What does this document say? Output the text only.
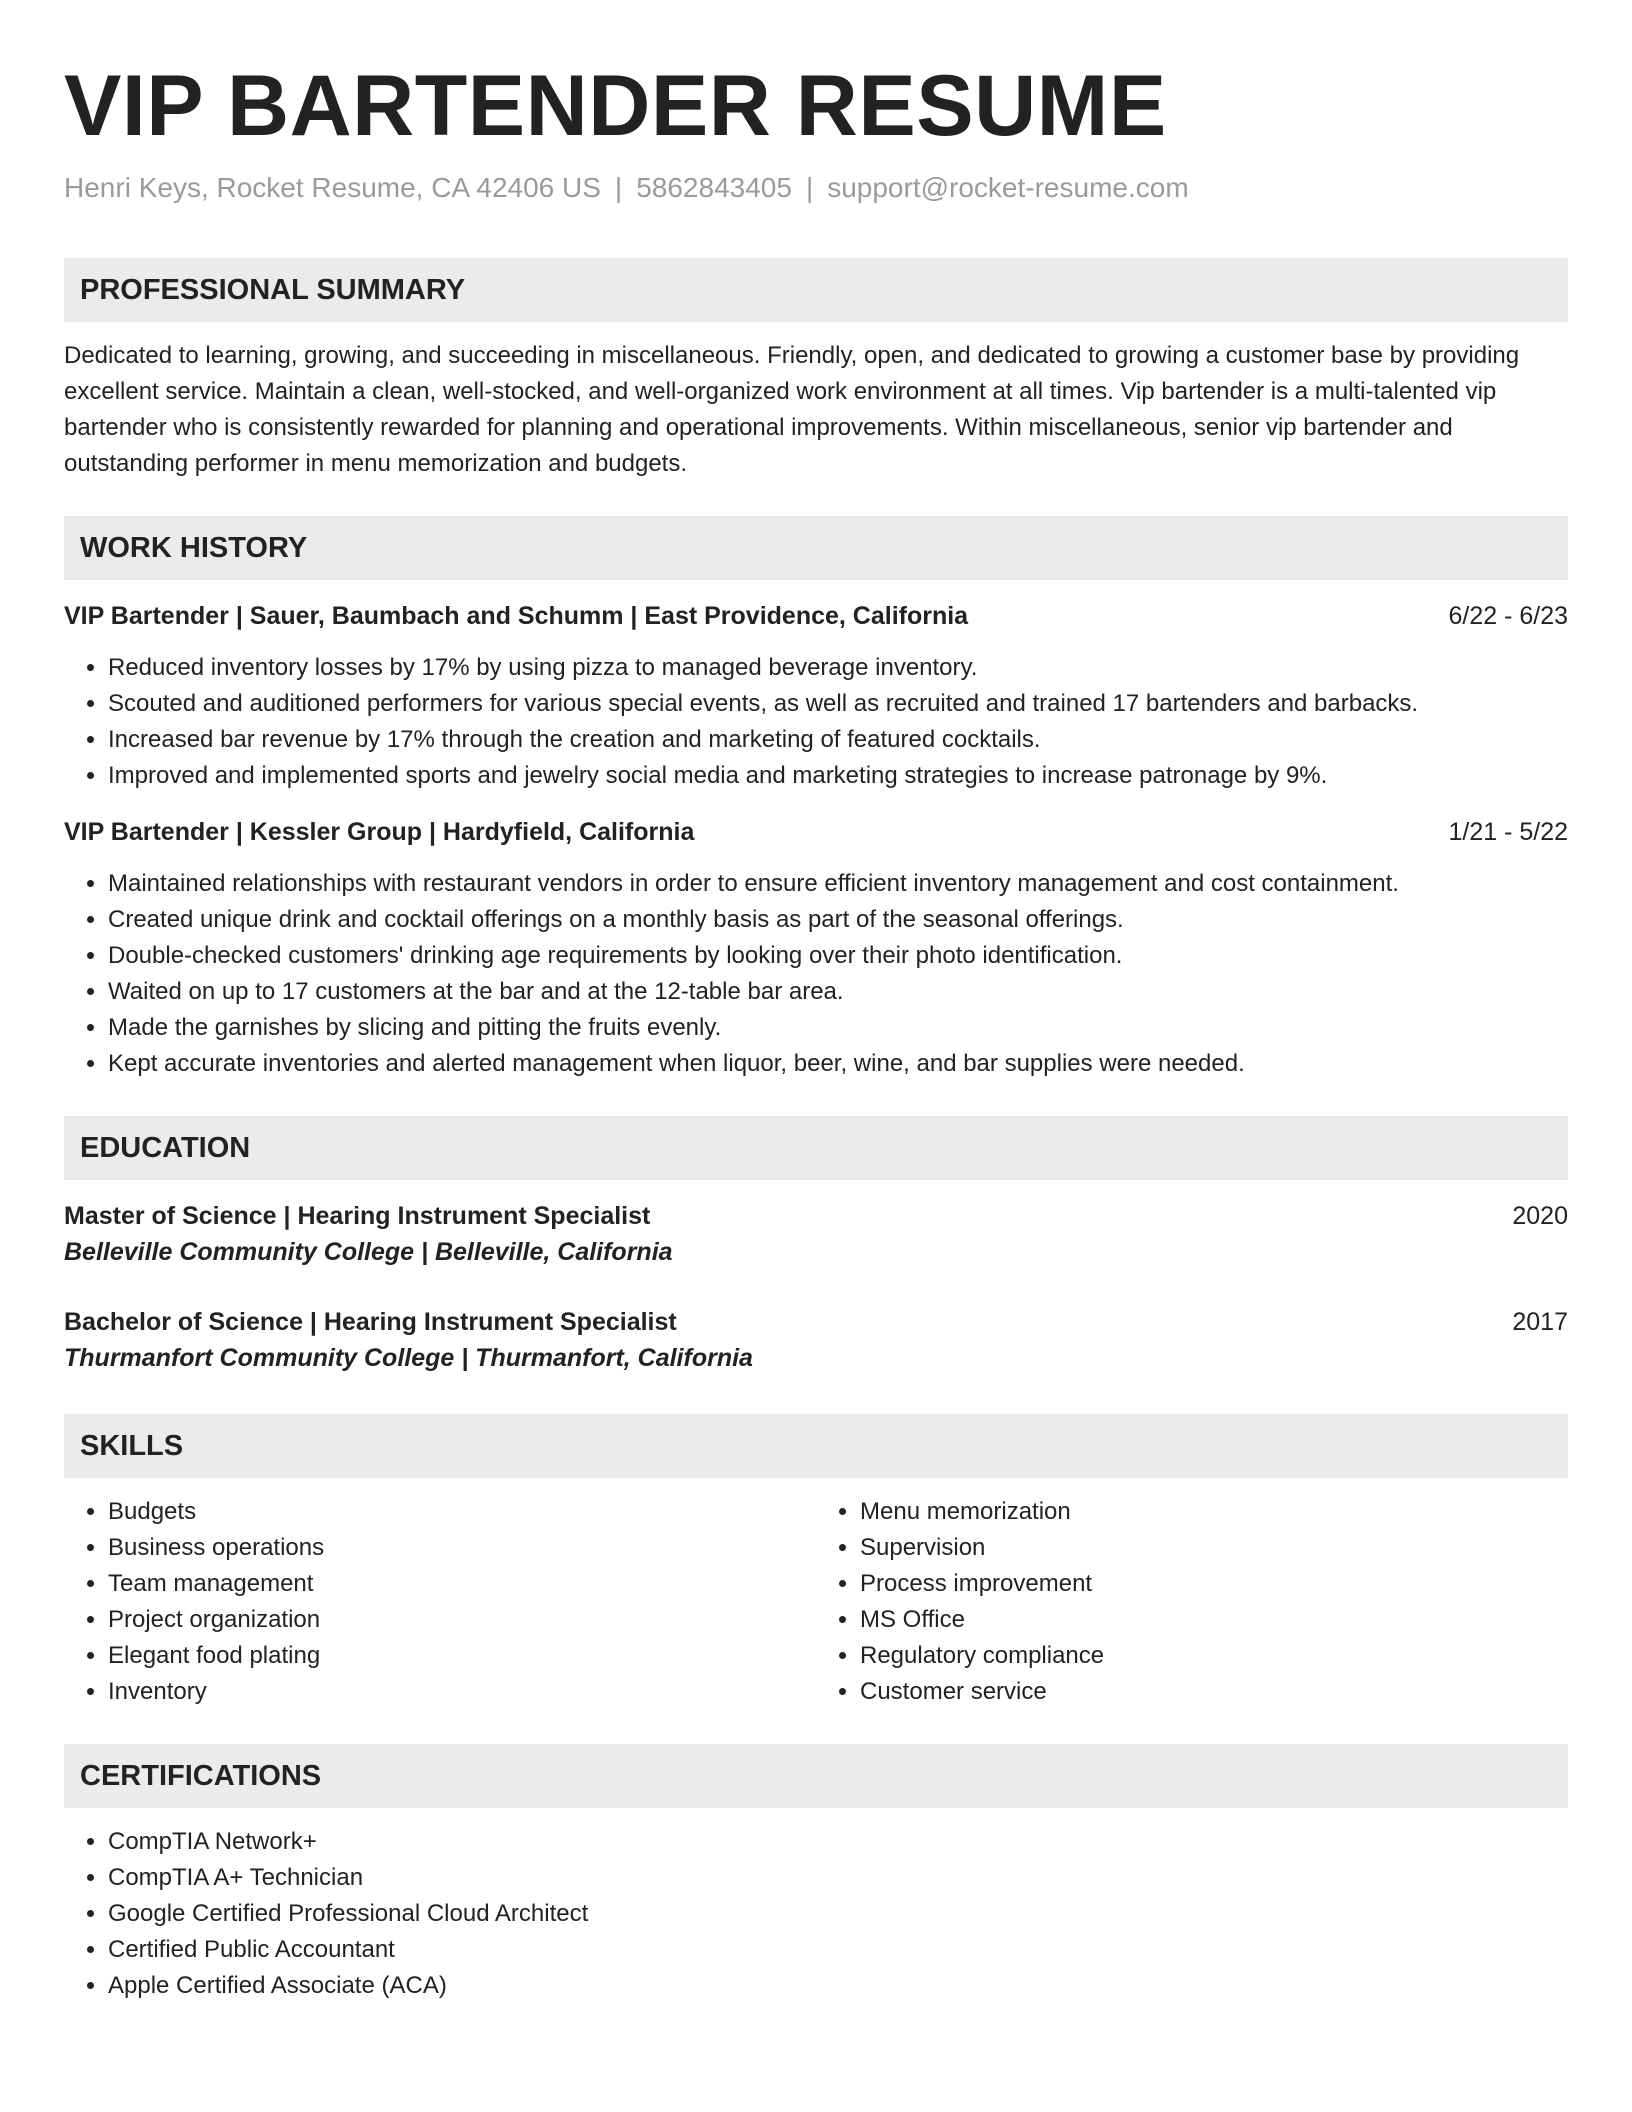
VIP BARTENDER RESUME
Henri Keys, Rocket Resume, CA 42406 US | 5862843405 | support@rocket-resume.com
PROFESSIONAL SUMMARY
Dedicated to learning, growing, and succeeding in miscellaneous. Friendly, open, and dedicated to growing a customer base by providing excellent service. Maintain a clean, well-stocked, and well-organized work environment at all times. Vip bartender is a multi-talented vip bartender who is consistently rewarded for planning and operational improvements. Within miscellaneous, senior vip bartender and outstanding performer in menu memorization and budgets.
WORK HISTORY
VIP Bartender | Sauer, Baumbach and Schumm | East Providence, California	6/22 - 6/23
• Reduced inventory losses by 17% by using pizza to managed beverage inventory.
• Scouted and auditioned performers for various special events, as well as recruited and trained 17 bartenders and barbacks.
• Increased bar revenue by 17% through the creation and marketing of featured cocktails.
• Improved and implemented sports and jewelry social media and marketing strategies to increase patronage by 9%.
VIP Bartender | Kessler Group | Hardyfield, California	1/21 - 5/22
• Maintained relationships with restaurant vendors in order to ensure efficient inventory management and cost containment.
• Created unique drink and cocktail offerings on a monthly basis as part of the seasonal offerings.
• Double-checked customers' drinking age requirements by looking over their photo identification.
• Waited on up to 17 customers at the bar and at the 12-table bar area.
• Made the garnishes by slicing and pitting the fruits evenly.
• Kept accurate inventories and alerted management when liquor, beer, wine, and bar supplies were needed.
EDUCATION
Master of Science | Hearing Instrument Specialist	2020
Belleville Community College | Belleville, California
Bachelor of Science | Hearing Instrument Specialist	2017
Thurmanfort Community College | Thurmanfort, California
SKILLS
• Budgets
• Business operations
• Team management
• Project organization
• Elegant food plating
• Inventory
• Menu memorization
• Supervision
• Process improvement
• MS Office
• Regulatory compliance
• Customer service
CERTIFICATIONS
• CompTIA Network+
• CompTIA A+ Technician
• Google Certified Professional Cloud Architect
• Certified Public Accountant
• Apple Certified Associate (ACA)
